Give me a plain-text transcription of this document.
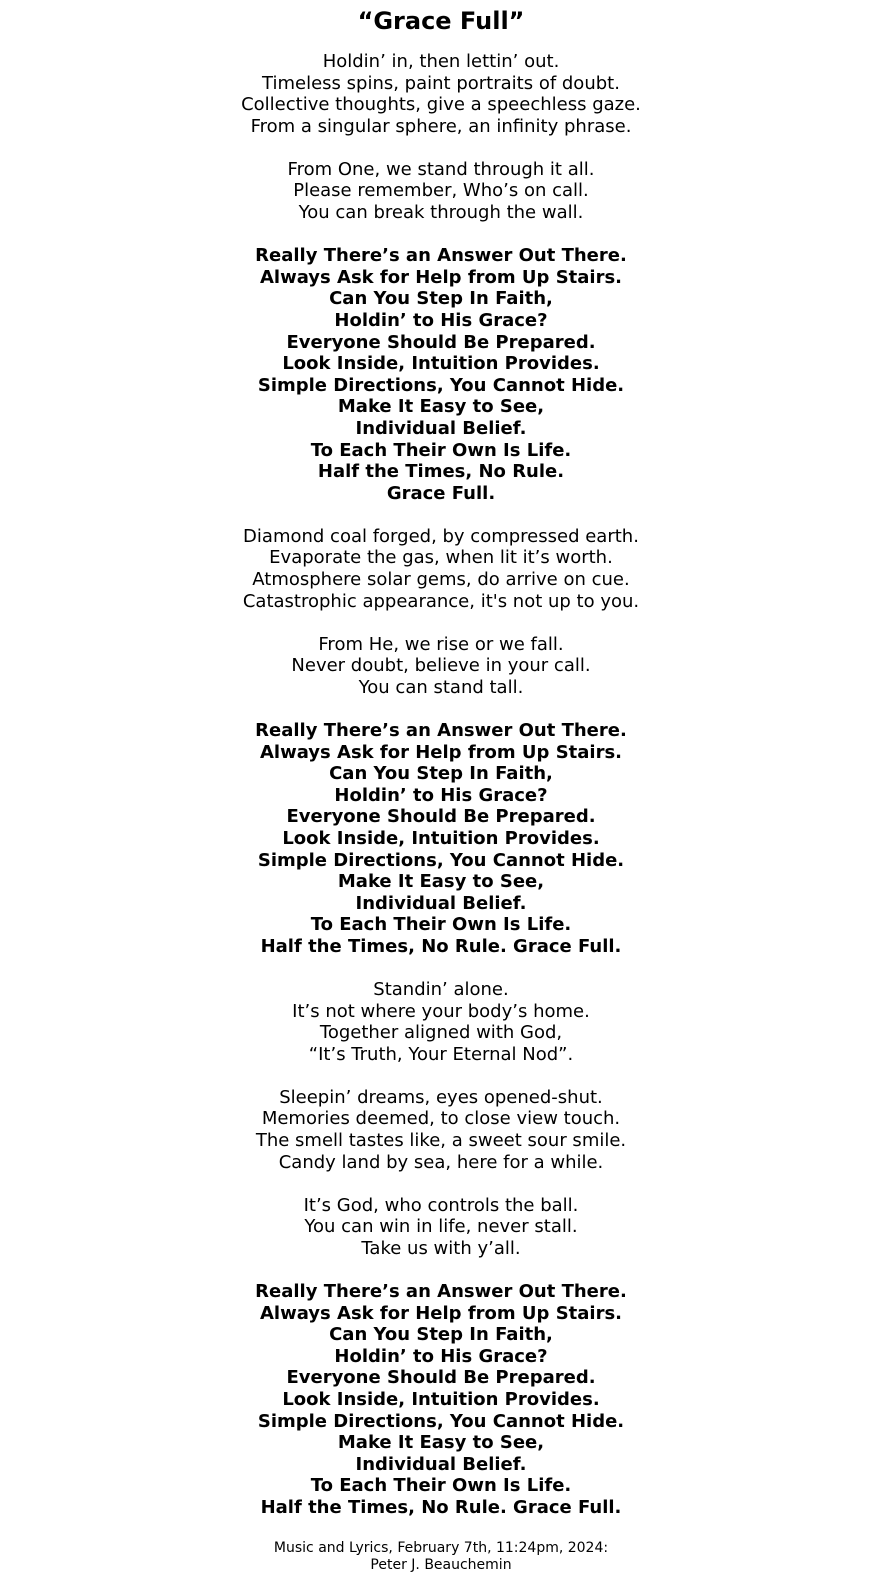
“Grace Full”
Holdin’ in, then lettin’ out.
Timeless spins, paint portraits of doubt.
Collective thoughts, give a speechless gaze.
From a singular sphere, an infinity phrase.
From One, we stand through it all.
Please remember, Who’s on call.
You can break through the wall.
Really There’s an Answer Out There.
Always Ask for Help from Up Stairs.
Can You Step In Faith,
Holdin’ to His Grace?
Everyone Should Be Prepared.
Look Inside, Intuition Provides.
Simple Directions, You Cannot Hide.
Make It Easy to See,
Individual Belief.
To Each Their Own Is Life.
Half the Times, No Rule.
Grace Full.
Diamond coal forged, by compressed earth.
Evaporate the gas, when lit it’s worth.
Atmosphere solar gems, do arrive on cue.
Catastrophic appearance, it's not up to you.
From He, we rise or we fall.
Never doubt, believe in your call.
You can stand tall.
Really There’s an Answer Out There.
Always Ask for Help from Up Stairs.
Can You Step In Faith,
Holdin’ to His Grace?
Everyone Should Be Prepared.
Look Inside, Intuition Provides.
Simple Directions, You Cannot Hide.
Make It Easy to See,
Individual Belief.
To Each Their Own Is Life.
Half the Times, No Rule. Grace Full.
Standin’ alone.
It’s not where your body’s home.
Together aligned with God,
“It’s Truth, Your Eternal Nod”.
Sleepin’ dreams, eyes opened-shut.
Memories deemed, to close view touch.
The smell tastes like, a sweet sour smile.
Candy land by sea, here for a while.
It’s God, who controls the ball.
You can win in life, never stall.
Take us with y’all.
Really There’s an Answer Out There.
Always Ask for Help from Up Stairs.
Can You Step In Faith,
Holdin’ to His Grace?
Everyone Should Be Prepared.
Look Inside, Intuition Provides.
Simple Directions, You Cannot Hide.
Make It Easy to See,
Individual Belief.
To Each Their Own Is Life.
Half the Times, No Rule. Grace Full.
Music and Lyrics, February 7th, 11:24pm, 2024:
Peter J. Beauchemin
